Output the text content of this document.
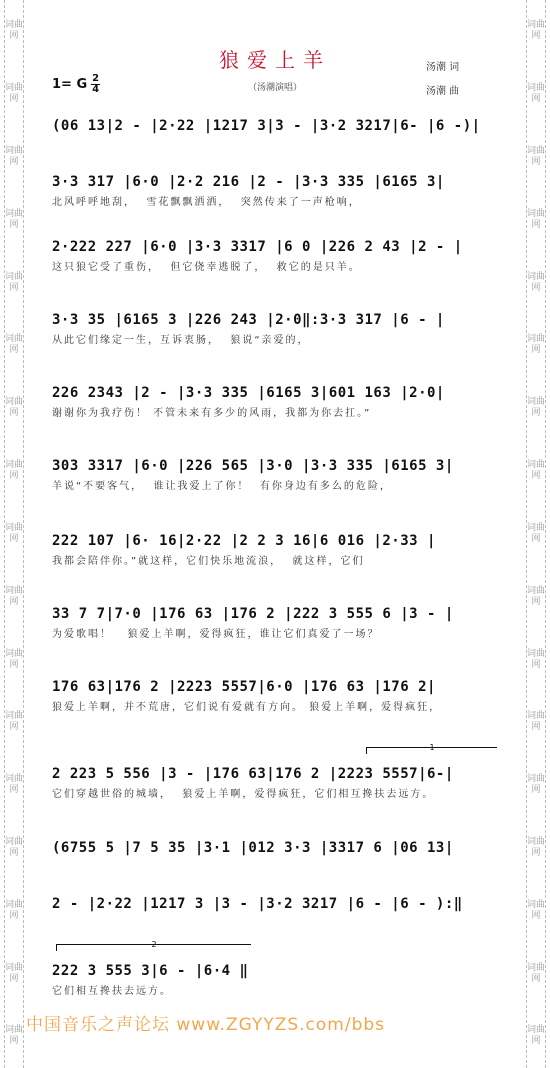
词曲网
词曲网
词曲网
词曲网
词曲网
词曲网
词曲网
词曲网
词曲网
词曲网
词曲网
词曲网
词曲网
词曲网
词曲网
词曲网
词曲网
词曲网
词曲网
词曲网
词曲网
词曲网
词曲网
词曲网
词曲网
词曲网
词曲网
词曲网
词曲网
词曲网
词曲网
词曲网
词曲网
词曲网
狼爱上羊
（汤潮演唱）
汤潮 词
汤潮 曲
1= G $\frac{2}{4}$
(06 13|2 - |2·22 |1217 3|3 - |3·2 3217|6- |6 -)|
3·3 317 |6·0 |2·2 216 |2 - |3·3 335 |6165 3|
北风呼呼地刮，  雪花飘飘洒洒，  突然传来了一声枪响，
2·222 227 |6·0 |3·3 3317 |6 0 |226 2 43 |2 - |
这只狼它受了重伤，  但它侥幸逃脱了，  救它的是只羊。
3·3 35 |6165 3 |226 243 |2·0‖:3·3 317 |6 - |
从此它们缘定一生，互诉衷肠，  狼说“亲爱的，
226 2343 |2 - |3·3 335 |6165 3|601 163 |2·0|
谢谢你为我疗伤！ 不管未来有多少的风雨，我都为你去扛。”
303 3317 |6·0 |226 565 |3·0 |3·3 335 |6165 3|
羊说“不要客气，  谁让我爱上了你！  有你身边有多么的危险，
222 107 |6· 16|2·22 |2 2 3 16|6 016 |2·33 |
我都会陪伴你。”就这样，它们快乐地流浪，  就这样，它们
33 7 7|7·0 |176 63 |176 2 |222 3 555 6 |3 - |
为爱歌唱！   狼爱上羊啊，爱得疯狂，谁让它们真爱了一场？
176 63|176 2 |2223 5557|6·0 |176 63 |176 2|
狼爱上羊啊，并不荒唐，它们说有爱就有方向。 狼爱上羊啊，爱得疯狂，
1
2 223 5 556 |3 - |176 63|176 2 |2223 5557|6-|
它们穿越世俗的城墙，  狼爱上羊啊，爱得疯狂，它们相互搀扶去远方。
(6755 5 |7 5 35 |3·1 |012 3·3 |3317 6 |06 13|
2 - |2·22 |1217 3 |3 - |3·2 3217 |6 - |6 - ):‖
2
222 3 555 3|6 - |6·4 ‖
它们相互搀扶去远方。
中国音乐之声论坛 www.ZGYYZS.com/bbs
